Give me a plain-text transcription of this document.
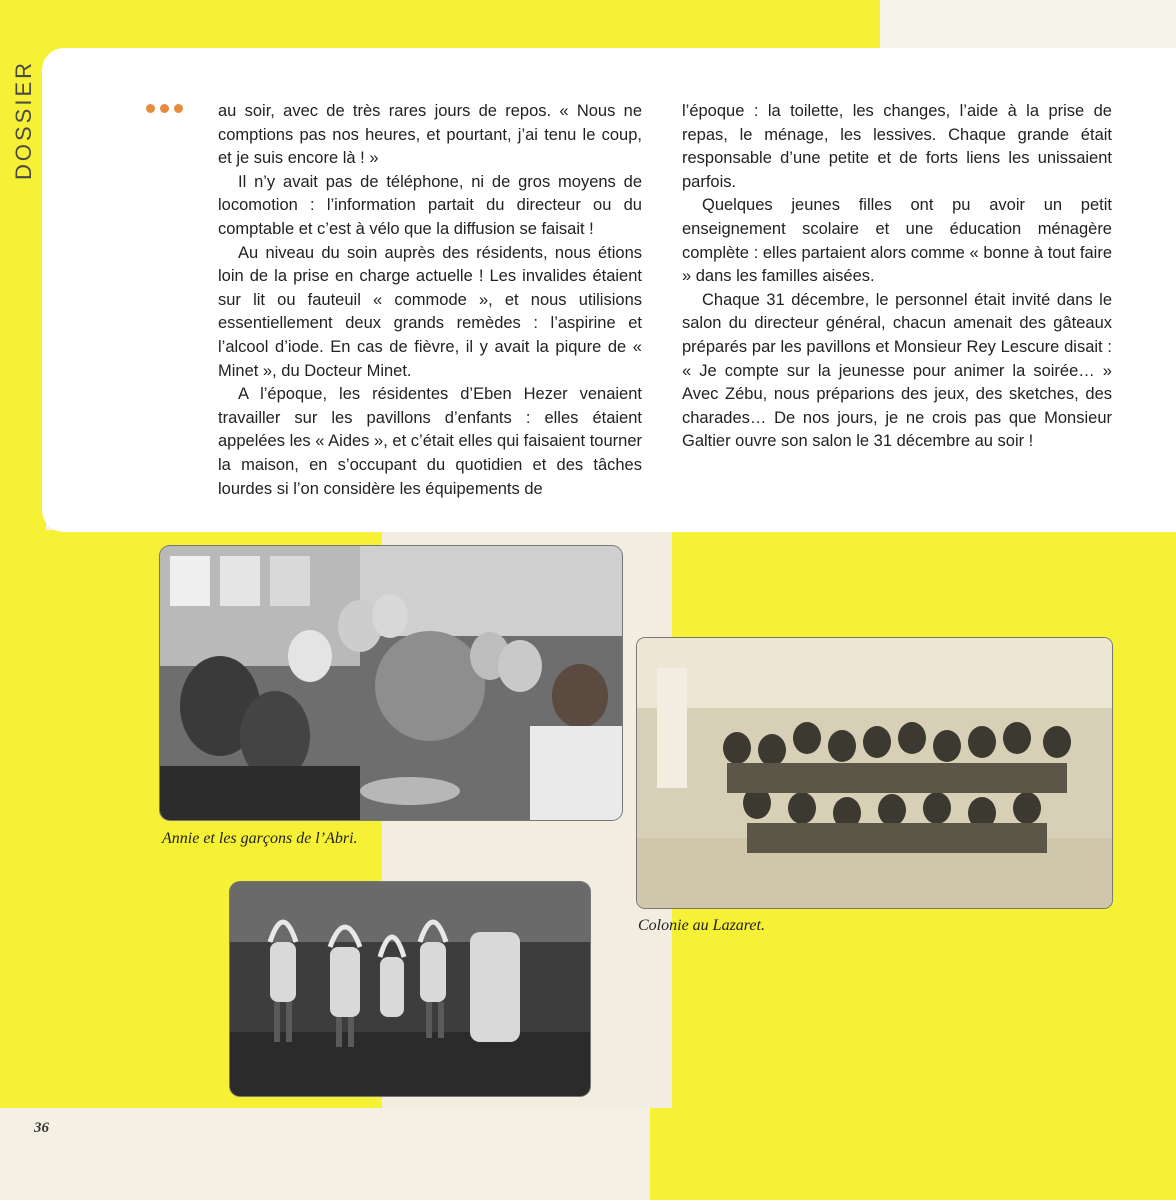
DOSSIER	au soir, avec de très rares jours de repos. « Nous ne comptions pas nos heures, et pourtant, j’ai tenu le coup, et je suis encore là ! »

Il n’y avait pas de téléphone, ni de gros moyens de locomotion : l’information partait du directeur ou du comptable et c’est à vélo que la diffusion se faisait !

Au niveau du soin auprès des résidents, nous étions loin de la prise en charge actuelle ! Les invalides étaient sur lit ou fauteuil « commode », et nous utilisions essentiellement deux grands remèdes : l’aspirine et l’alcool d’iode. En cas de fièvre, il y avait la piqure de « Minet », du Docteur Minet.

A l’époque, les résidentes d’Eben Hezer venaient travailler sur les pavillons d’enfants : elles étaient appelées les « Aides », et c’était elles qui faisaient tourner la maison, en s’occupant du quotidien et des tâches lourdes si l’on considère les équipements de

l’époque : la toilette, les changes, l’aide à la prise de repas, le ménage, les lessives. Chaque grande était responsable d’une petite et de forts liens les unissaient parfois.

Quelques jeunes filles ont pu avoir un petit enseignement scolaire et une éducation ménagère complète : elles partaient alors comme « bonne à tout faire » dans les familles aisées.

Chaque 31 décembre, le personnel était invité dans le salon du directeur général, chacun amenait des gâteaux préparés par les pavillons et Monsieur Rey Lescure disait : « Je compte sur la jeunesse pour animer la soirée… » Avec Zébu, nous préparions des jeux, des sketches, des charades… De nos jours, je ne crois pas que Monsieur Galtier ouvre son salon le 31 décembre au soir !

Annie et les garçons de l’Abri.
Colonie au Lazaret.
36
